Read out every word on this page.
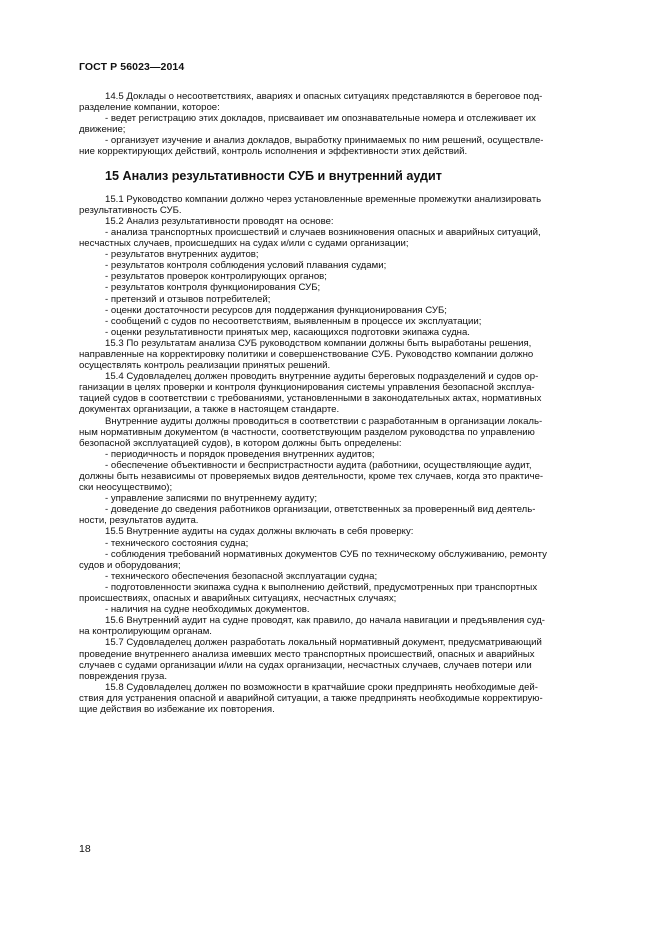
ГОСТ Р 56023—2014

14.5 Доклады о несоответствиях, авариях и опасных ситуациях представляются в береговое под-
разделение компании, которое:

- ведет регистрацию этих докладов, присваивает им опознавательные номера и отслеживает их
движение;

- организует изучение и анализ докладов, выработку принимаемых по ним решений, осуществле-
ние корректирующих действий, контроль исполнения и эффективности этих действий.

15 Анализ результативности СУБ и внутренний аудит

15.1 Руководство компании должно через установленные временные промежутки анализировать
результативность СУБ.

15.2 Анализ результативности проводят на основе:

- анализа транспортных происшествий и случаев возникновения опасных и аварийных ситуаций,
несчастных случаев, происшедших на судах и/или с судами организации;

- результатов внутренних аудитов;

- результатов контроля соблюдения условий плавания судами;

- результатов проверок контролирующих органов;

- результатов контроля функционирования СУБ;

- претензий и отзывов потребителей;

- оценки достаточности ресурсов для поддержания функционирования СУБ;

- сообщений с судов по несоответствиям, выявленным в процессе их эксплуатации;

- оценки результативности принятых мер, касающихся подготовки экипажа судна.

15.3 По результатам анализа СУБ руководством компании должны быть выработаны решения,
направленные на корректировку политики и совершенствование СУБ. Руководство компании должно
осуществлять контроль реализации принятых решений.

15.4 Судовладелец должен проводить внутренние аудиты береговых подразделений и судов ор-
ганизации в целях проверки и контроля функционирования системы управления безопасной эксплуа-
тацией судов в соответствии с требованиями, установленными в законодательных актах, нормативных
документах организации, а также в настоящем стандарте.

Внутренние аудиты должны проводиться в соответствии с разработанным в организации локаль-
ным нормативным документом (в частности, соответствующим разделом руководства по управлению
безопасной эксплуатацией судов), в котором должны быть определены:

- периодичность и порядок проведения внутренних аудитов;

- обеспечение объективности и беспристрастности аудита (работники, осуществляющие аудит,
должны быть независимы от проверяемых видов деятельности, кроме тех случаев, когда это практиче-
ски неосуществимо);

- управление записями по внутреннему аудиту;

- доведение до сведения работников организации, ответственных за проверенный вид деятель-
ности, результатов аудита.

15.5 Внутренние аудиты на судах должны включать в себя проверку:

- технического состояния судна;

- соблюдения требований нормативных документов СУБ по техническому обслуживанию, ремонту
судов и оборудования;

- технического обеспечения безопасной эксплуатации судна;

- подготовленности экипажа судна к выполнению действий, предусмотренных при транспортных
происшествиях, опасных и аварийных ситуациях, несчастных случаях;

- наличия на судне необходимых документов.

15.6 Внутренний аудит на судне проводят, как правило, до начала навигации и предъявления суд-
на контролирующим органам.

15.7 Судовладелец должен разработать локальный нормативный документ, предусматривающий
проведение внутреннего анализа имевших место транспортных происшествий, опасных и аварийных
случаев с судами организации и/или на судах организации, несчастных случаев, случаев потери или
повреждения груза.

15.8 Судовладелец должен по возможности в кратчайшие сроки предпринять необходимые дей-
ствия для устранения опасной и аварийной ситуации, а также предпринять необходимые корректирую-
щие действия во избежание их повторения.

18
